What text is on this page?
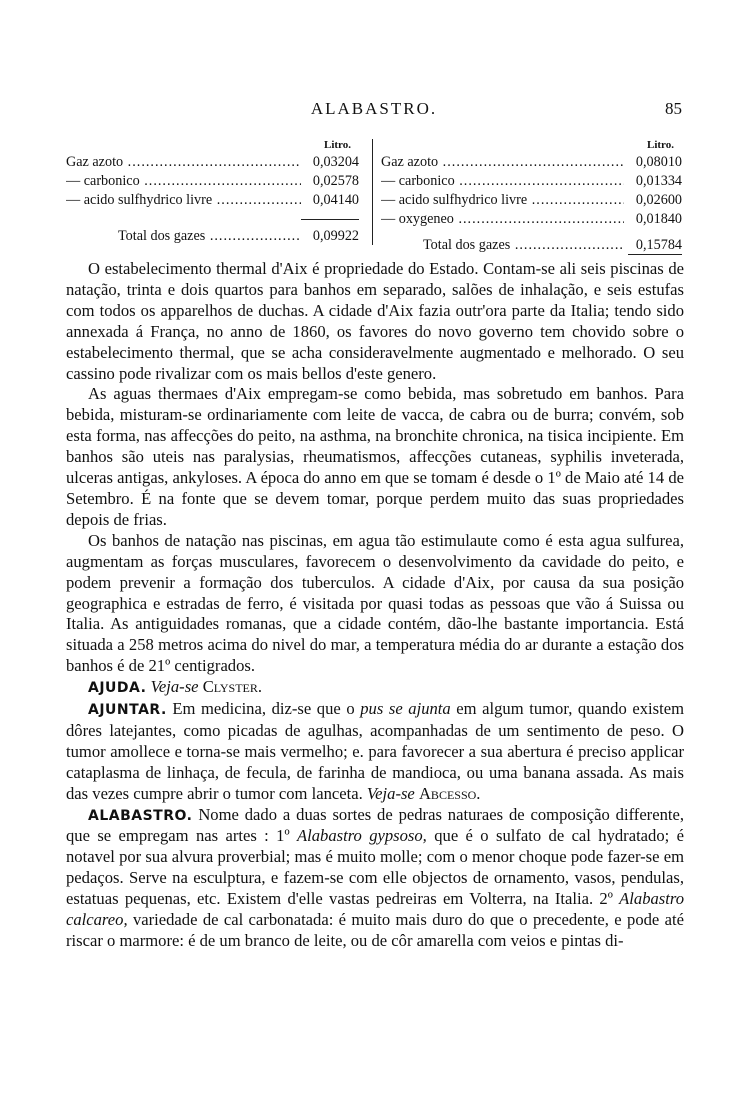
ALABASTRO.	85
Litro.
Gaz azoto .....	0,03204
— carbonico .....	0,02578
— acido sulfhydrico livre .....	0,04140
Total dos gazes .....	0,09922
Litro.
Gaz azoto .....	0,08010
— carbonico .....	0,01334
— acido sulfhydrico livre .....	0,02600
— oxygeneo .....	0,01840
Total dos gazes .....	0,15784

O estabelecimento thermal d'Aix é propriedade do Estado. Contam-se ali seis piscinas de natação, trinta e dois quartos para banhos em separado, salões de inhalação, e seis estufas com todos os apparelhos de duchas. A cidade d'Aix fazia outr'ora parte da Italia; tendo sido annexada á França, no anno de 1860, os favores do novo governo tem chovido sobre o estabelecimento thermal, que se acha consideravelmente augmentado e melhorado. O seu cassino pode rivalizar com os mais bellos d'este genero.

As aguas thermaes d'Aix empregam-se como bebida, mas sobretudo em banhos. Para bebida, misturam-se ordinariamente com leite de vacca, de cabra ou de burra; convém, sob esta forma, nas affecções do peito, na asthma, na bronchite chronica, na tisica incipiente. Em banhos são uteis nas paralysias, rheumatismos, affecções cutaneas, syphilis inveterada, ulceras antigas, ankyloses. A época do anno em que se tomam é desde o 1º de Maio até 14 de Setembro. É na fonte que se devem tomar, porque perdem muito das suas propriedades depois de frias.

Os banhos de natação nas piscinas, em agua tão estimulaute como é esta agua sulfurea, augmentam as forças musculares, favorecem o desenvolvimento da cavidade do peito, e podem prevenir a formação dos tuberculos. A cidade d'Aix, por causa da sua posição geographica e estradas de ferro, é visitada por quasi todas as pessoas que vão á Suissa ou Italia. As antiguidades romanas, que a cidade contém, dão-lhe bastante importancia. Está situada a 258 metros acima do nivel do mar, a temperatura média do ar durante a estação dos banhos é de 21º centigrados.

AJUDA. Veja-se Clyster.

AJUNTAR. Em medicina, diz-se que o pus se ajunta em algum tumor, quando existem dôres latejantes, como picadas de agulhas, acompanhadas de um sentimento de peso. O tumor amollece e torna-se mais vermelho; e. para favorecer a sua abertura é preciso applicar cataplasma de linhaça, de fecula, de farinha de mandioca, ou uma banana assada. As mais das vezes cumpre abrir o tumor com lanceta. Veja-se Abcesso.

ALABASTRO. Nome dado a duas sortes de pedras naturaes de composição differente, que se empregam nas artes : 1º Alabastro gypsoso, que é o sulfato de cal hydratado; é notavel por sua alvura proverbial; mas é muito molle; com o menor choque pode fazer-se em pedaços. Serve na esculptura, e fazem-se com elle objectos de ornamento, vasos, pendulas, estatuas pequenas, etc. Existem d'elle vastas pedreiras em Volterra, na Italia. 2º Alabastro calcareo, variedade de cal carbonatada: é muito mais duro do que o precedente, e pode até riscar o marmore: é de um branco de leite, ou de côr amarella com veios e pintas di-
